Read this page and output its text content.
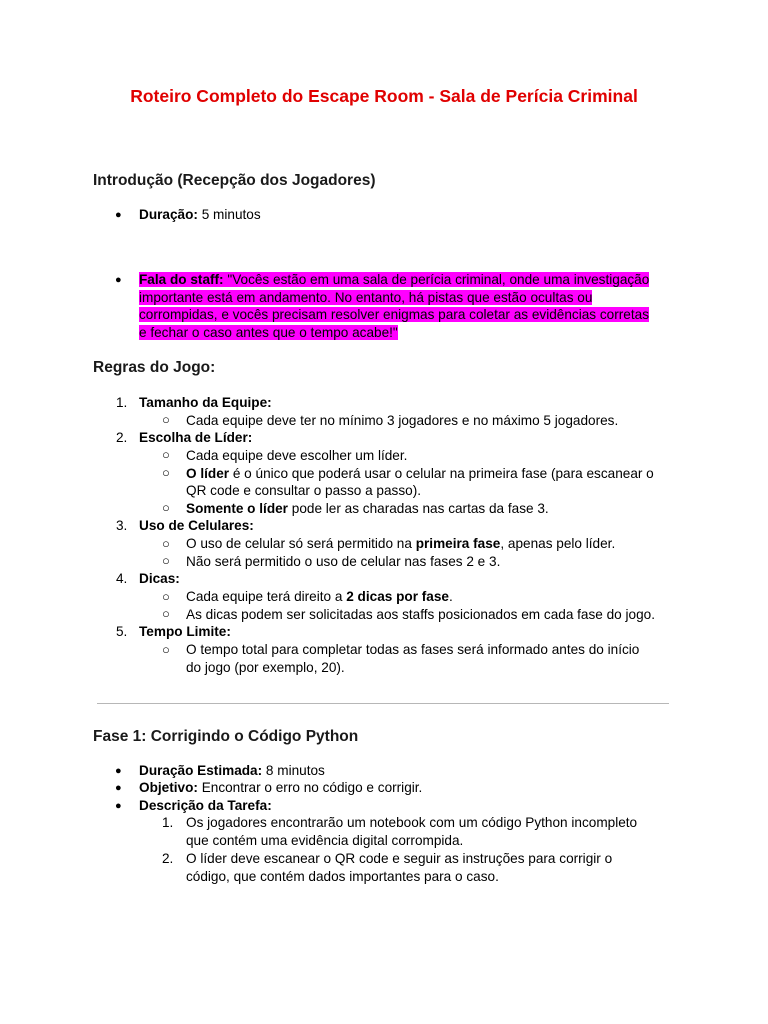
Roteiro Completo do Escape Room - Sala de Perícia Criminal
Introdução (Recepção dos Jogadores)
● Duração: 5 minutos
● Fala do staff: "Vocês estão em uma sala de perícia criminal, onde uma investigação
importante está em andamento. No entanto, há pistas que estão ocultas ou
corrompidas, e vocês precisam resolver enigmas para coletar as evidências corretas
e fechar o caso antes que o tempo acabe!"
Regras do Jogo:
1. Tamanho da Equipe:
○ Cada equipe deve ter no mínimo 3 jogadores e no máximo 5 jogadores.
2. Escolha de Líder:
○ Cada equipe deve escolher um líder.
○ O líder é o único que poderá usar o celular na primeira fase (para escanear o
QR code e consultar o passo a passo).
○ Somente o líder pode ler as charadas nas cartas da fase 3.
3. Uso de Celulares:
○ O uso de celular só será permitido na primeira fase, apenas pelo líder.
○ Não será permitido o uso de celular nas fases 2 e 3.
4. Dicas:
○ Cada equipe terá direito a 2 dicas por fase.
○ As dicas podem ser solicitadas aos staffs posicionados em cada fase do jogo.
5. Tempo Limite:
○ O tempo total para completar todas as fases será informado antes do início
do jogo (por exemplo, 20).
Fase 1: Corrigindo o Código Python
● Duração Estimada: 8 minutos
● Objetivo: Encontrar o erro no código e corrigir.
● Descrição da Tarefa:
1. Os jogadores encontrarão um notebook com um código Python incompleto
que contém uma evidência digital corrompida.
2. O líder deve escanear o QR code e seguir as instruções para corrigir o
código, que contém dados importantes para o caso.
